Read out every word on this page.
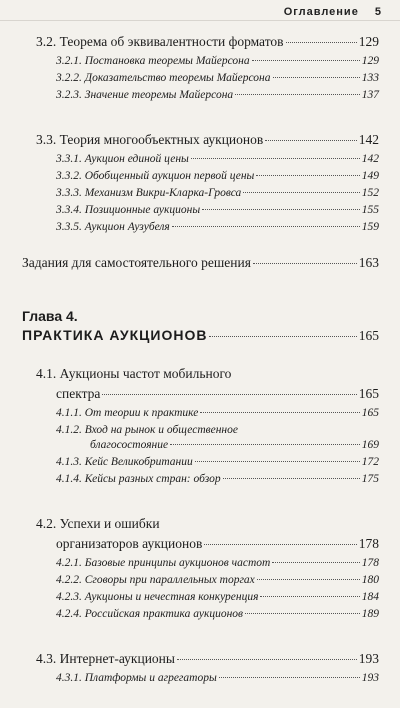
Оглавление 5
3.2. Теорема об эквивалентности форматов	129
3.2.1. Постановка теоремы Майерсона	129
3.2.2. Доказательство теоремы Майерсона	133
3.2.3. Значение теоремы Майерсона	137
3.3. Теория многообъектных аукционов	142
3.3.1. Аукцион единой цены	142
3.3.2. Обобщенный аукцион первой цены	149
3.3.3. Механизм Викри-Кларка-Гровса	152
3.3.4. Позиционные аукционы	155
3.3.5. Аукцион Аузубеля	159
Задания для самостоятельного решения	163
Глава 4.
ПРАКТИКА АУКЦИОНОВ	165
4.1. Аукционы частот мобильного
спектра	165
4.1.1. От теории к практике	165
4.1.2. Вход на рынок и общественное
благосостояние	169
4.1.3. Кейс Великобритании	172
4.1.4. Кейсы разных стран: обзор	175
4.2. Успехи и ошибки
организаторов аукционов	178
4.2.1. Базовые принципы аукционов частот	178
4.2.2. Сговоры при параллельных торгах	180
4.2.3. Аукционы и нечестная конкуренция	184
4.2.4. Российская практика аукционов	189
4.3. Интернет-аукционы	193
4.3.1. Платформы и агрегаторы	193
